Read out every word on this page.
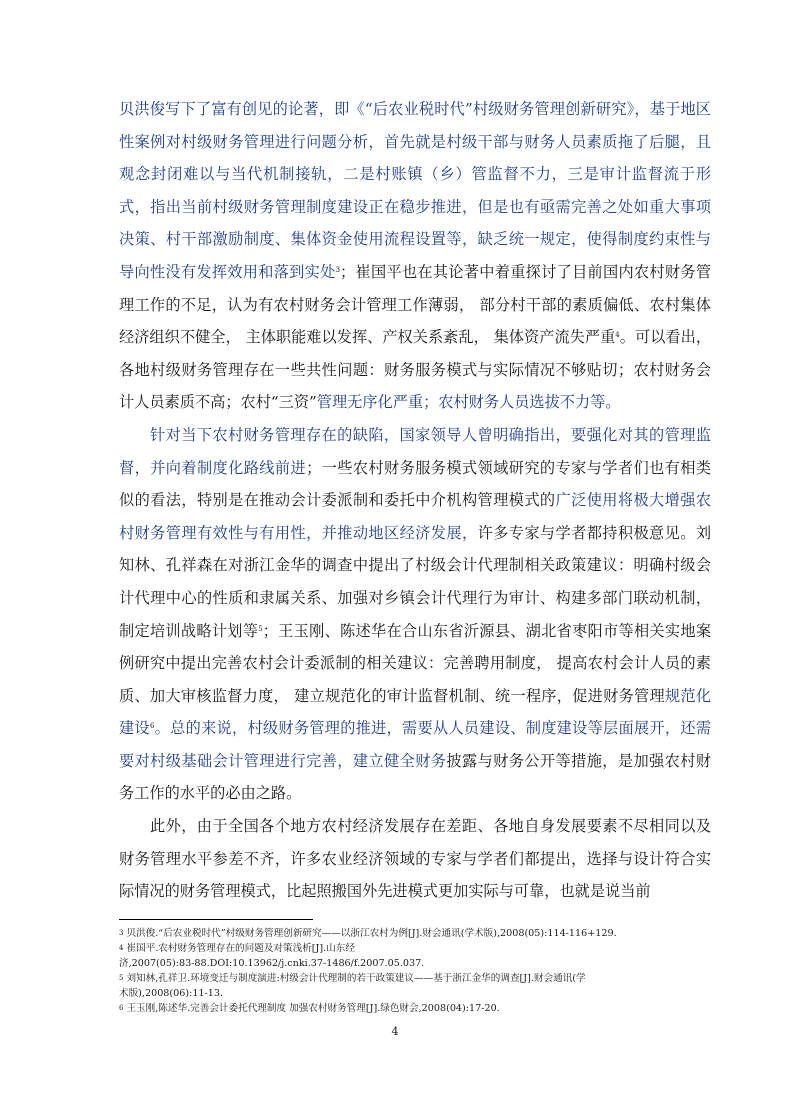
贝洪俊写下了富有创见的论著，即《“后农业税时代”村级财务管理创新研究》，基于地区性案例对村级财务管理进行问题分析，首先就是村级干部与财务人员素质拖了后腿，且观念封闭难以与当代机制接轨，二是村账镇（乡）管监督不力，三是审计监督流于形式，指出当前村级财务管理制度建设正在稳步推进，但是也有亟需完善之处如重大事项决策、村干部激励制度、集体资金使用流程设置等，缺乏统一规定，使得制度约束性与导向性没有发挥效用和落到实处$^3$；崔国平也在其论著中着重探讨了目前国内农村财务管理工作的不足，认为有农村财务会计管理工作薄弱， 部分村干部的素质偏低、农村集体经济组织不健全， 主体职能难以发挥、产权关系紊乱， 集体资产流失严重$^4$。可以看出，各地村级财务管理存在一些共性问题：财务服务模式与实际情况不够贴切；农村财务会计人员素质不高；农村“三资”管理无序化严重；农村财务人员选拔不力等。

针对当下农村财务管理存在的缺陷，国家领导人曾明确指出，要强化对其的管理监督，并向着制度化路线前进；一些农村财务服务模式领域研究的专家与学者们也有相类似的看法，特别是在推动会计委派制和委托中介机构管理模式的广泛使用将极大增强农村财务管理有效性与有用性，并推动地区经济发展，许多专家与学者都持积极意见。刘知林、孔祥森在对浙江金华的调查中提出了村级会计代理制相关政策建议：明确村级会计代理中心的性质和隶属关系、加强对乡镇会计代理行为审计、构建多部门联动机制， 制定培训战略计划等$^5$；王玉刚、陈述华在合山东省沂源县、湖北省枣阳市等相关实地案例研究中提出完善农村会计委派制的相关建议：完善聘用制度， 提高农村会计人员的素质、加大审核监督力度， 建立规范化的审计监督机制、统一程序，促进财务管理规范化建设$^6$。总的来说，村级财务管理的推进，需要从人员建设、制度建设等层面展开，还需要对村级基础会计管理进行完善，建立健全财务披露与财务公开等措施，是加强农村财务工作的水平的必由之路。

此外，由于全国各个地方农村经济发展存在差距、各地自身发展要素不尽相同以及财务管理水平参差不齐，许多农业经济领域的专家与学者们都提出，选择与设计符合实际情况的财务管理模式，比起照搬国外先进模式更加实际与可靠，也就是说当前

$^3$ 贝洪俊.“后农业税时代”村级财务管理创新研究——以浙江农村为例[J].财会通讯(学术版),2008(05):114-116+129.

$^4$ 崔国平.农村财务管理存在的问题及对策浅析[J].山东经

济,2007(05):83-88.DOI:10.13962/j.cnki.37-1486/f.2007.05.037.

$^5$ 刘知林,孔祥卫.环境变迁与制度演进:村级会计代理制的若干政策建议——基于浙江金华的调查[J].财会通讯(学

术版),2008(06):11-13.

$^6$ 王玉刚,陈述华.完善会计委托代理制度 加强农村财务管理[J].绿色财会,2008(04):17-20.

4
